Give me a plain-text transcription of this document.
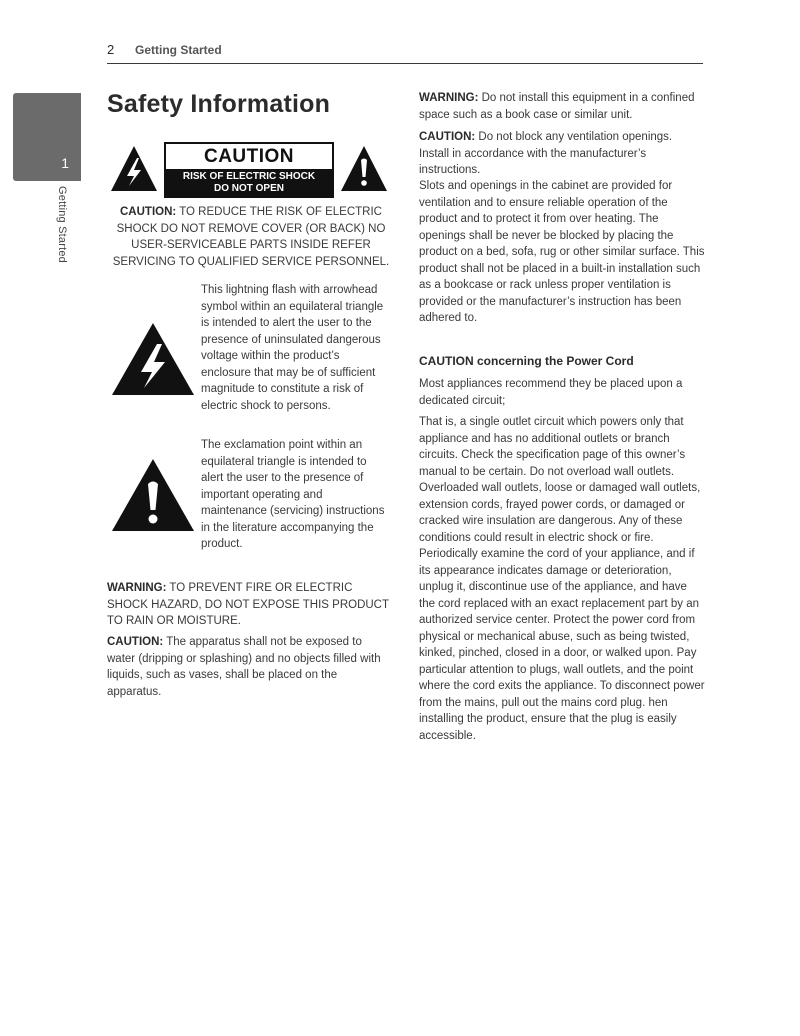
2 Getting Started
1
Getting Started
Safety Information
CAUTION
RISK OF ELECTRIC SHOCK
DO NOT OPEN
CAUTION: TO REDUCE THE RISK OF ELECTRIC SHOCK DO NOT REMOVE COVER (OR BACK) NO USER-SERVICEABLE PARTS INSIDE REFER SERVICING TO QUALIFIED SERVICE PERSONNEL.
This lightning flash with arrowhead symbol within an equilateral triangle is intended to alert the user to the presence of uninsulated dangerous voltage within the product’s enclosure that may be of sufficient magnitude to constitute a risk of electric shock to persons.
The exclamation point within an equilateral triangle is intended to alert the user to the presence of important operating and maintenance (servicing) instructions in the literature accompanying the product.
WARNING: TO PREVENT FIRE OR ELECTRIC SHOCK HAZARD, DO NOT EXPOSE THIS PRODUCT TO RAIN OR MOISTURE.
CAUTION: The apparatus shall not be exposed to water (dripping or splashing) and no objects filled with liquids, such as vases, shall be placed on the apparatus.
WARNING: Do not install this equipment in a confined space such as a book case or similar unit.
CAUTION: Do not block any ventilation openings. Install in accordance with the manufacturer’s instructions.
Slots and openings in the cabinet are provided for ventilation and to ensure reliable operation of the product and to protect it from over heating. The openings shall be never be blocked by placing the product on a bed, sofa, rug or other similar surface. This product shall not be placed in a built-in installation such as a bookcase or rack unless proper ventilation is provided or the manufacturer’s instruction has been adhered to.
CAUTION concerning the Power Cord
Most appliances recommend they be placed upon a dedicated circuit;
That is, a single outlet circuit which powers only that appliance and has no additional outlets or branch circuits. Check the specification page of this owner’s manual to be certain. Do not overload wall outlets. Overloaded wall outlets, loose or damaged wall outlets, extension cords, frayed power cords, or damaged or cracked wire insulation are dangerous. Any of these conditions could result in electric shock or fire. Periodically examine the cord of your appliance, and if its appearance indicates damage or deterioration, unplug it, discontinue use of the appliance, and have the cord replaced with an exact replacement part by an authorized service center. Protect the power cord from physical or mechanical abuse, such as being twisted, kinked, pinched, closed in a door, or walked upon. Pay particular attention to plugs, wall outlets, and the point where the cord exits the appliance. To disconnect power from the mains, pull out the mains cord plug. hen installing the product, ensure that the plug is easily accessible.
